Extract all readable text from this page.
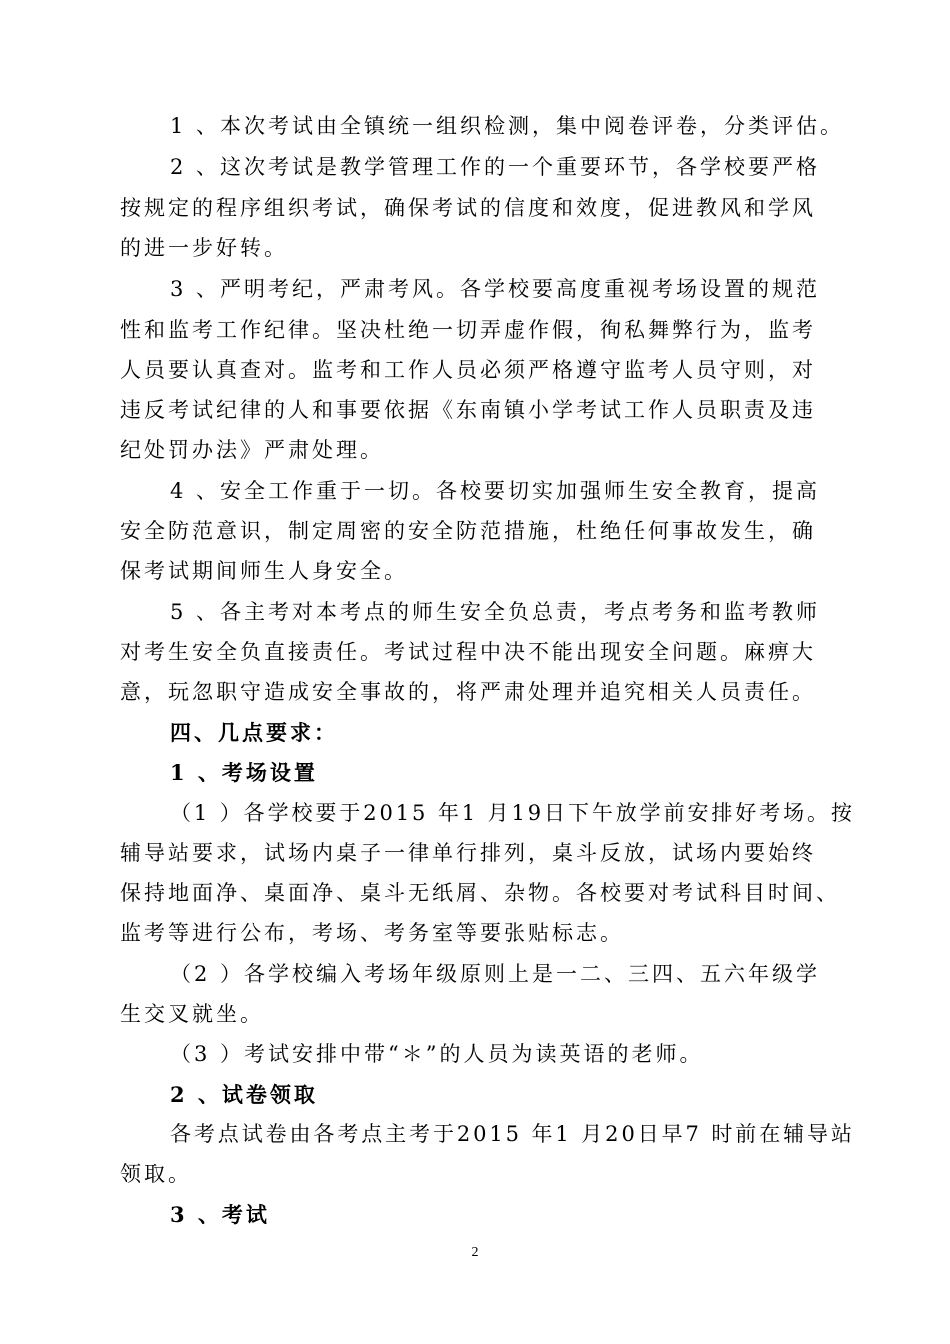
1 、本次考试由全镇统一组织检测，集中阅卷评卷，分类评估。
2 、这次考试是教学管理工作的一个重要环节，各学校要严格
按规定的程序组织考试，确保考试的信度和效度，促进教风和学风
的进一步好转。
3 、严明考纪，严肃考风。各学校要高度重视考场设置的规范
性和监考工作纪律。坚决杜绝一切弄虚作假，徇私舞弊行为，监考
人员要认真查对。监考和工作人员必须严格遵守监考人员守则，对
违反考试纪律的人和事要依据《东南镇小学考试工作人员职责及违
纪处罚办法》严肃处理。
4 、安全工作重于一切。各校要切实加强师生安全教育，提高
安全防范意识，制定周密的安全防范措施，杜绝任何事故发生，确
保考试期间师生人身安全。
5 、各主考对本考点的师生安全负总责，考点考务和监考教师
对考生安全负直接责任。考试过程中决不能出现安全问题。麻痹大
意，玩忽职守造成安全事故的，将严肃处理并追究相关人员责任。
四、几点要求：
1 、考场设置
（1 ）各学校要于2015 年1 月19日下午放学前安排好考场。按
辅导站要求，试场内桌子一律单行排列，桌斗反放，试场内要始终
保持地面净、桌面净、桌斗无纸屑、杂物。各校要对考试科目时间、
监考等进行公布，考场、考务室等要张贴标志。
（2 ）各学校编入考场年级原则上是一二、三四、五六年级学
生交叉就坐。
（3 ）考试安排中带“＊”的人员为读英语的老师。
2 、试卷领取
各考点试卷由各考点主考于2015 年1 月20日早7 时前在辅导站
领取。
3 、考试
2
